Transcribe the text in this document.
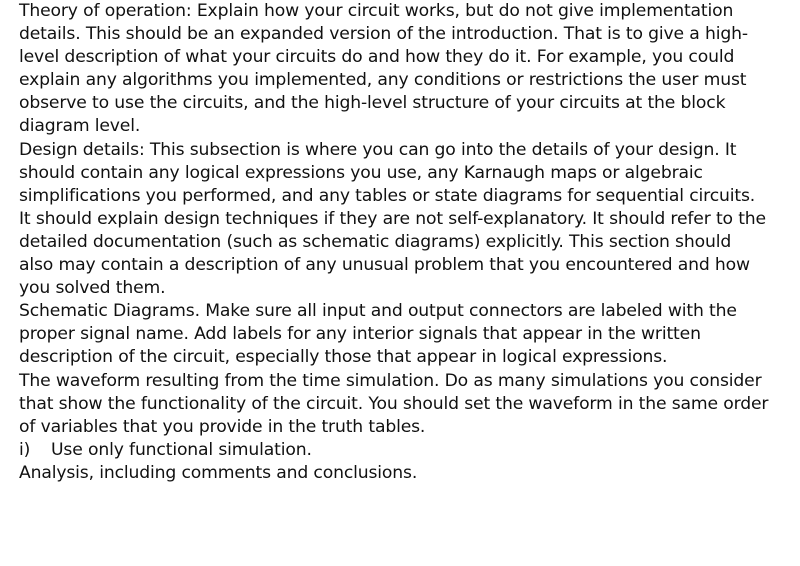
Theory of operation: Explain how your circuit works, but do not give implementation details. This should be an expanded version of the introduction. That is to give a high-level description of what your circuits do and how they do it. For example, you could explain any algorithms you implemented, any conditions or restrictions the user must observe to use the circuits, and the high-level structure of your circuits at the block diagram level.
Design details: This subsection is where you can go into the details of your design. It should contain any logical expressions you use, any Karnaugh maps or algebraic simplifications you performed, and any tables or state diagrams for sequential circuits. It should explain design techniques if they are not self-explanatory. It should refer to the detailed documentation (such as schematic diagrams) explicitly. This section should also may contain a description of any unusual problem that you encountered and how you solved them.
Schematic Diagrams. Make sure all input and output connectors are labeled with the proper signal name. Add labels for any interior signals that appear in the written description of the circuit, especially those that appear in logical expressions.
The waveform resulting from the time simulation. Do as many simulations you consider that show the functionality of the circuit. You should set the waveform in the same order of variables that you provide in the truth tables.
i)	Use only functional simulation.

Analysis, including comments and conclusions.
